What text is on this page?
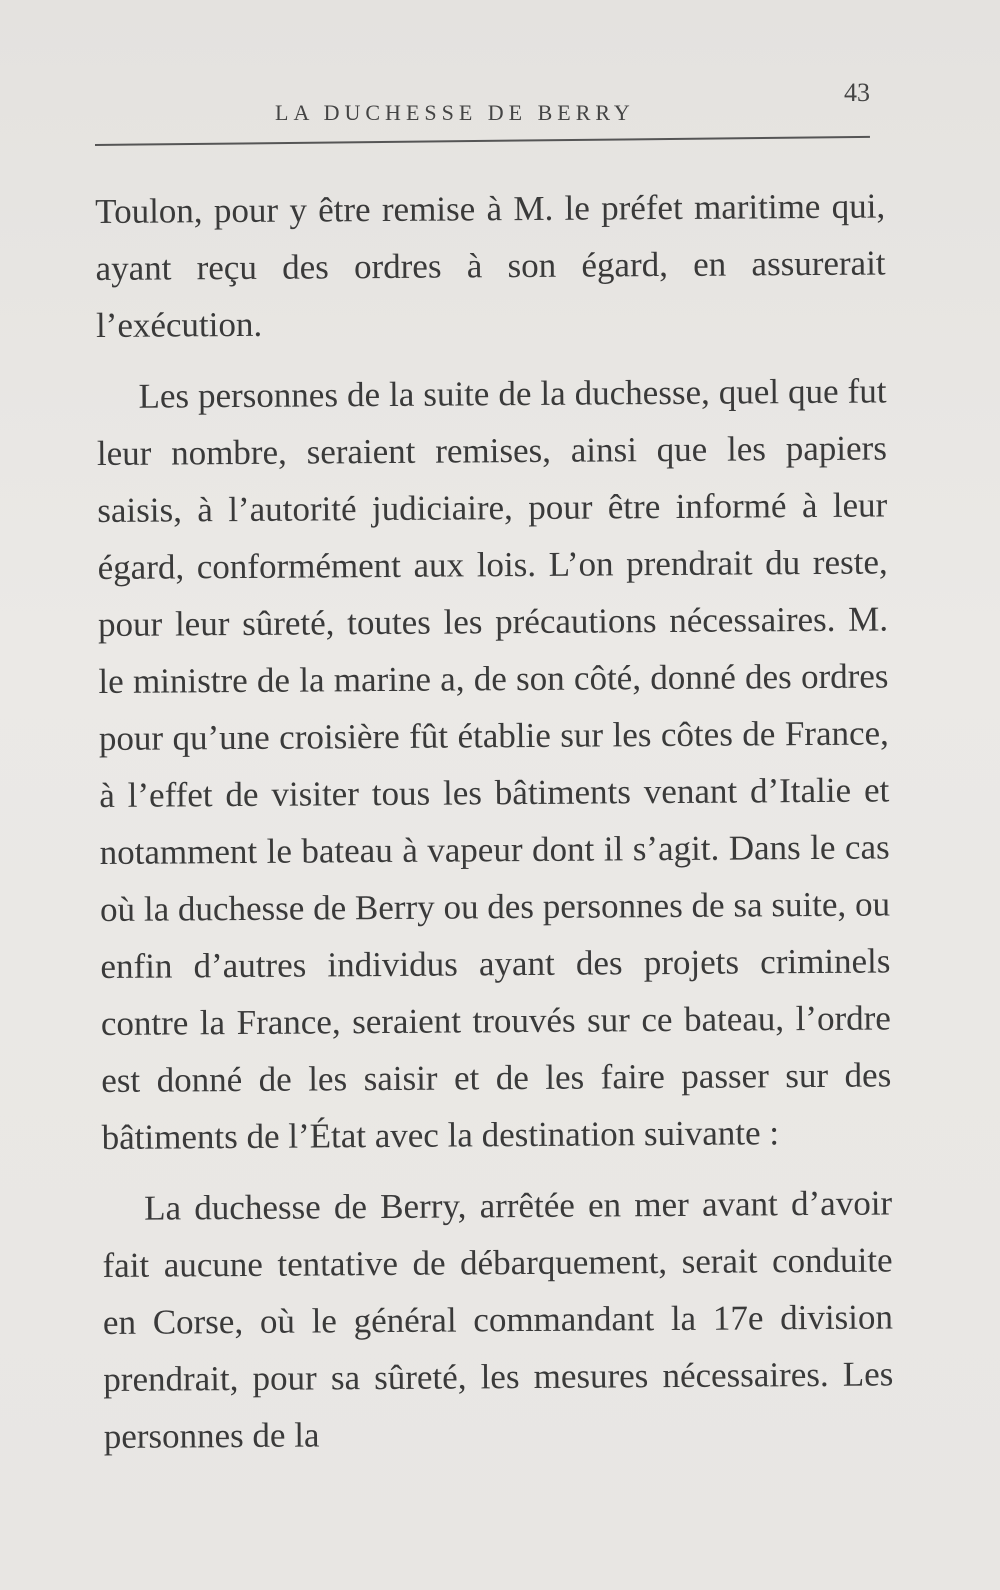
LA DUCHESSE DE BERRY
43

Toulon, pour y être remise à M. le préfet maritime qui, ayant reçu des ordres à son égard, en assurerait l’exécution.

Les personnes de la suite de la duchesse, quel que fut leur nombre, seraient remises, ainsi que les papiers saisis, à l’autorité judiciaire, pour être informé à leur égard, conformément aux lois. L’on prendrait du reste, pour leur sûreté, toutes les précautions nécessaires. M. le ministre de la marine a, de son côté, donné des ordres pour qu’une croisière fût établie sur les côtes de France, à l’effet de visiter tous les bâtiments venant d’Italie et notamment le bateau à vapeur dont il s’agit. Dans le cas où la duchesse de Berry ou des personnes de sa suite, ou enfin d’autres individus ayant des projets criminels contre la France, seraient trouvés sur ce bateau, l’ordre est donné de les saisir et de les faire passer sur des bâtiments de l’État avec la destination suivante :

La duchesse de Berry, arrêtée en mer avant d’avoir fait aucune tentative de débarquement, serait conduite en Corse, où le général commandant la 17e division prendrait, pour sa sûreté, les mesures nécessaires. Les personnes de la
